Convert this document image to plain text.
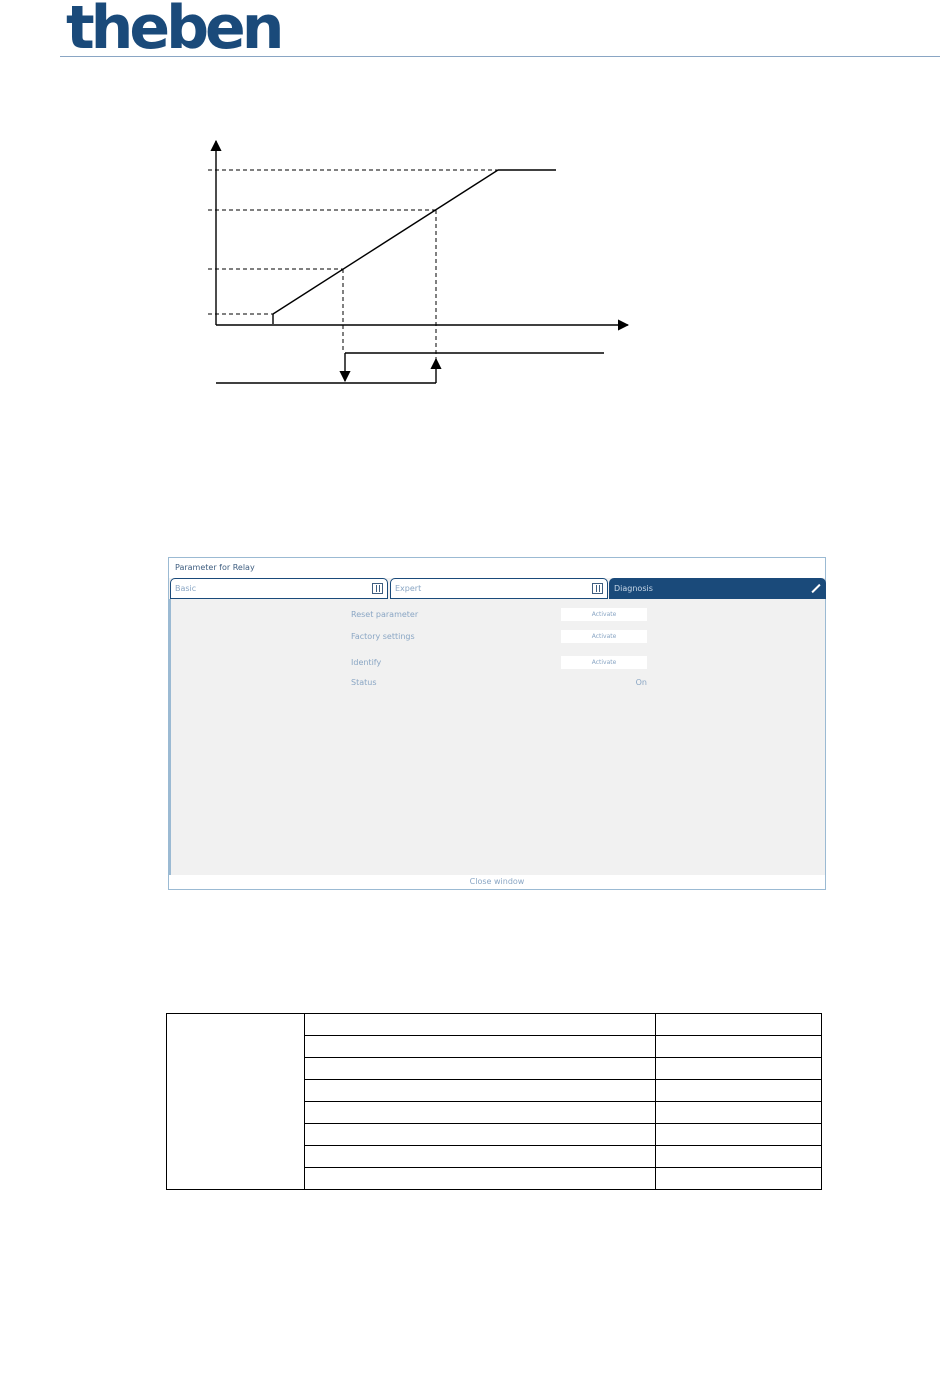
theben
Parameter for Relay
Basic	Expert	Diagnosis
Reset parameter	Activate
Factory settings	Activate
Identify	Activate
Status	On
Close window
